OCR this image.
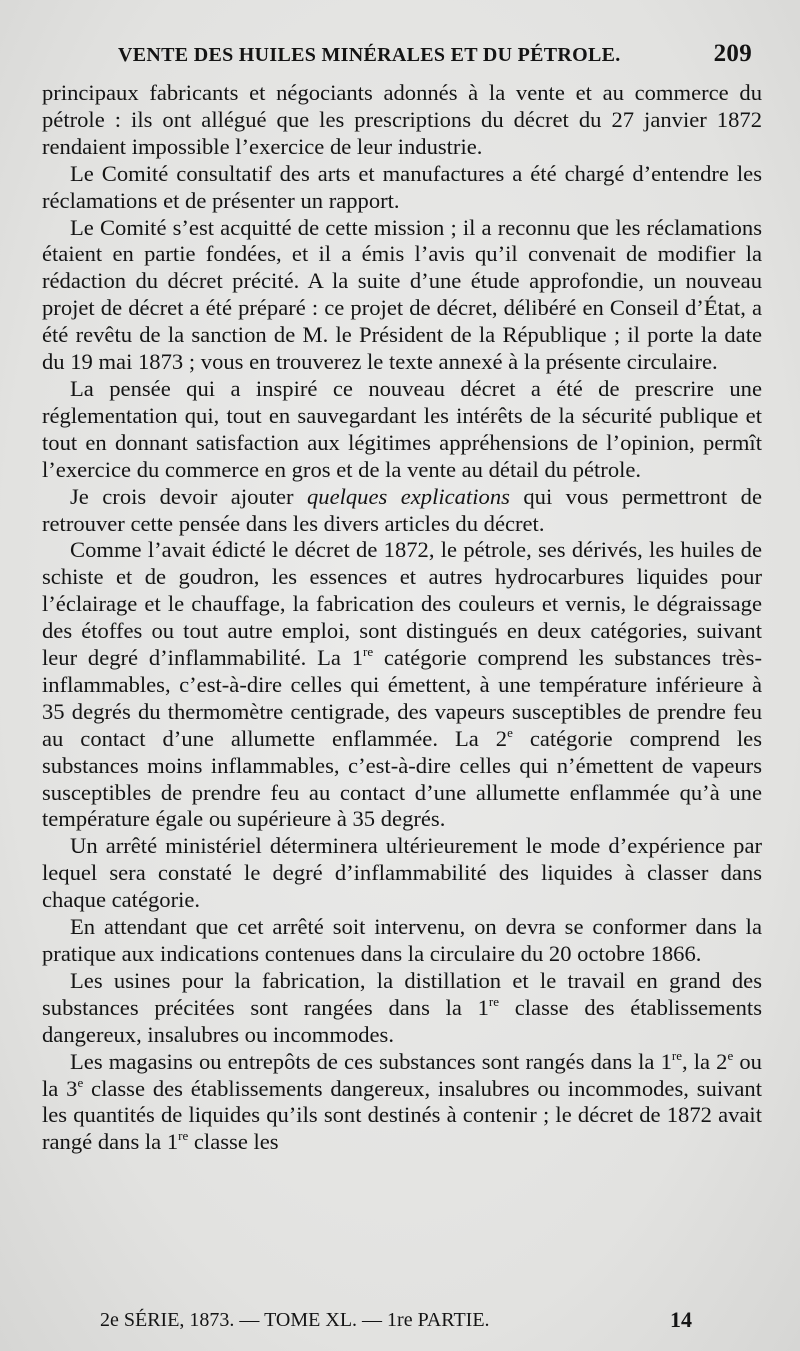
VENTE DES HUILES MINÉRALES ET DU PÉTROLE.	209

principaux fabricants et négociants adonnés à la vente et au commerce du pétrole : ils ont allégué que les prescriptions du décret du 27 janvier 1872 rendaient impossible l’exercice de leur industrie.

Le Comité consultatif des arts et manufactures a été chargé d’entendre les réclamations et de présenter un rapport.

Le Comité s’est acquitté de cette mission ; il a reconnu que les réclamations étaient en partie fondées, et il a émis l’avis qu’il convenait de modifier la rédaction du décret précité. A la suite d’une étude approfondie, un nouveau projet de décret a été préparé : ce projet de décret, délibéré en Conseil d’État, a été revêtu de la sanction de M. le Président de la République ; il porte la date du 19 mai 1873 ; vous en trouverez le texte annexé à la présente circulaire.

La pensée qui a inspiré ce nouveau décret a été de prescrire une réglementation qui, tout en sauvegardant les intérêts de la sécurité publique et tout en donnant satisfaction aux légitimes appréhensions de l’opinion, permît l’exercice du commerce en gros et de la vente au détail du pétrole.

Je crois devoir ajouter quelques explications qui vous permettront de retrouver cette pensée dans les divers articles du décret.

Comme l’avait édicté le décret de 1872, le pétrole, ses dérivés, les huiles de schiste et de goudron, les essences et autres hydrocarbures liquides pour l’éclairage et le chauffage, la fabrication des couleurs et vernis, le dégraissage des étoffes ou tout autre emploi, sont distingués en deux catégories, suivant leur degré d’inflammabilité. La 1re catégorie comprend les substances très-inflammables, c’est-à-dire celles qui émettent, à une température inférieure à 35 degrés du thermomètre centigrade, des vapeurs susceptibles de prendre feu au contact d’une allumette enflammée. La 2e catégorie comprend les substances moins inflammables, c’est-à-dire celles qui n’émettent de vapeurs susceptibles de prendre feu au contact d’une allumette enflammée qu’à une température égale ou supérieure à 35 degrés.

Un arrêté ministériel déterminera ultérieurement le mode d’expérience par lequel sera constaté le degré d’inflammabilité des liquides à classer dans chaque catégorie.

En attendant que cet arrêté soit intervenu, on devra se conformer dans la pratique aux indications contenues dans la circulaire du 20 octobre 1866.

Les usines pour la fabrication, la distillation et le travail en grand des substances précitées sont rangées dans la 1re classe des établissements dangereux, insalubres ou incommodes.

Les magasins ou entrepôts de ces substances sont rangés dans la 1re, la 2e ou la 3e classe des établissements dangereux, insalubres ou incommodes, suivant les quantités de liquides qu’ils sont destinés à contenir ; le décret de 1872 avait rangé dans la 1re classe les

2e SÉRIE, 1873. — TOME XL. — 1re PARTIE.	14
